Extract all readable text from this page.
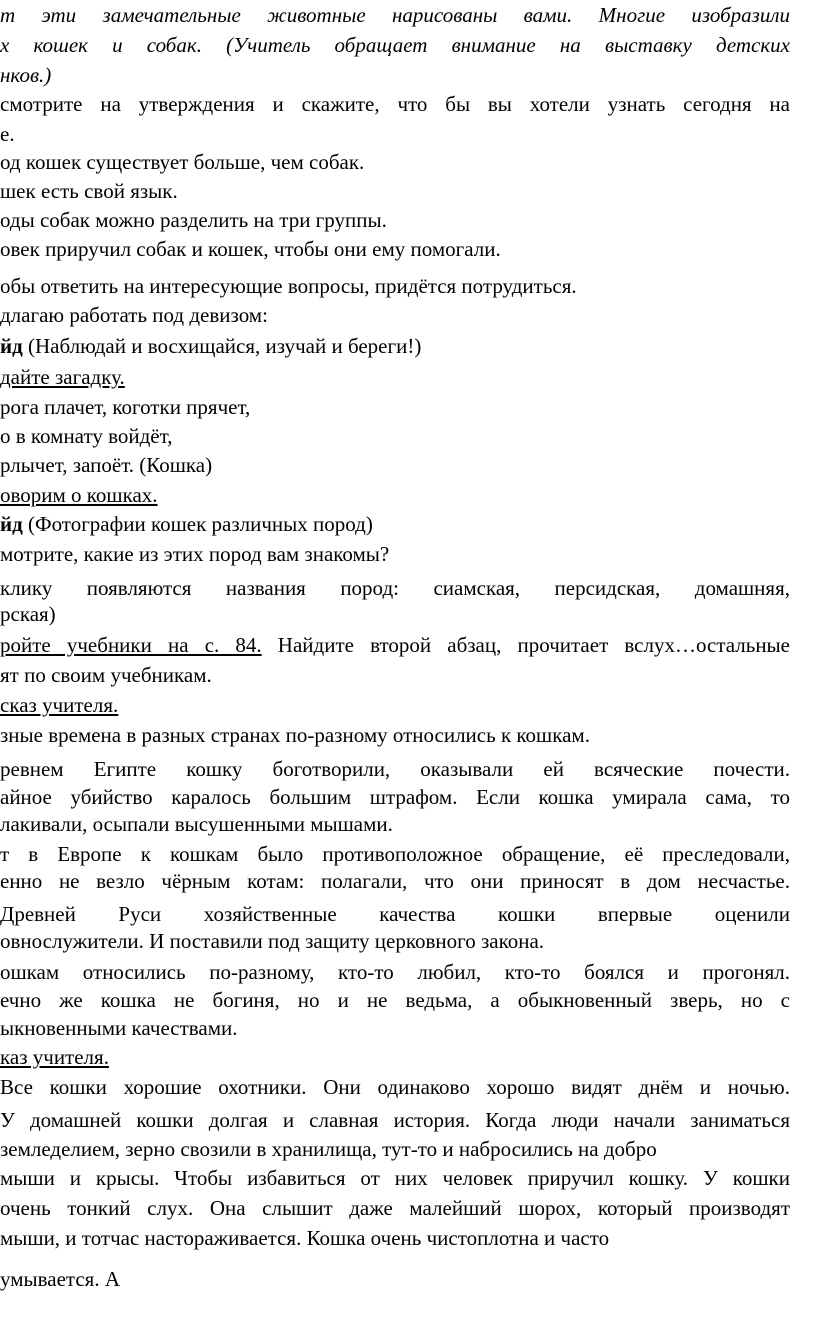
т эти замечательные животные нарисованы вами. Многие изобразили
х кошек и собак. (Учитель обращает внимание на выставку детских
нков.)
смотрите на утверждения и скажите, что бы вы хотели узнать сегодня на
е.
од кошек существует больше, чем собак.
шек есть свой язык.
оды собак можно разделить на три группы.
овек приручил собак и кошек, чтобы они ему помогали.
обы ответить на интересующие вопросы, придётся потрудиться.
длагаю работать под девизом:
йд (Наблюдай и восхищайся, изучай и береги!)
дайте загадку.
рога плачет, коготки прячет,
о в комнату войдёт,
рлычет, запоёт. (Кошка)
оворим о кошках.
йд (Фотографии кошек различных пород)
мотрите, какие из этих пород вам знакомы?
клику появляются названия пород: сиамская, персидская, домашняя,
рская)
ройте учебники на с. 84. Найдите второй абзац, прочитает вслух…остальные
ят по своим учебникам.
сказ учителя.
зные времена в разных странах по-разному относились к кошкам.
ревнем Египте кошку боготворили, оказывали ей всяческие почести.
айное убийство каралось большим штрафом. Если кошка умирала сама, то
лакивали, осыпали высушенными мышами.
т в Европе к кошкам было противоположное обращение, её преследовали,
енно не везло чёрным котам: полагали, что они приносят в дом несчастье.
Древней Руси хозяйственные качества кошки впервые оценили
овнослужители. И поставили под защиту церковного закона.
ошкам относились по-разному, кто-то любил, кто-то боялся и прогонял.
ечно же кошка не богиня, но и не ведьма, а обыкновенный зверь, но с
ыкновенными качествами.
каз учителя.
Все кошки хорошие охотники. Они одинаково хорошо видят днём и ночью.
У домашней кошки долгая и славная история. Когда люди начали заниматься
земледелием, зерно свозили в хранилища, тут-то и набросились на добро
мыши и крысы. Чтобы избавиться от них человек приручил кошку. У кошки
очень тонкий слух. Она слышит даже малейший шорох, который производят
мыши, и тотчас настораживается. Кошка очень чистоплотна и часто
умывается. А
